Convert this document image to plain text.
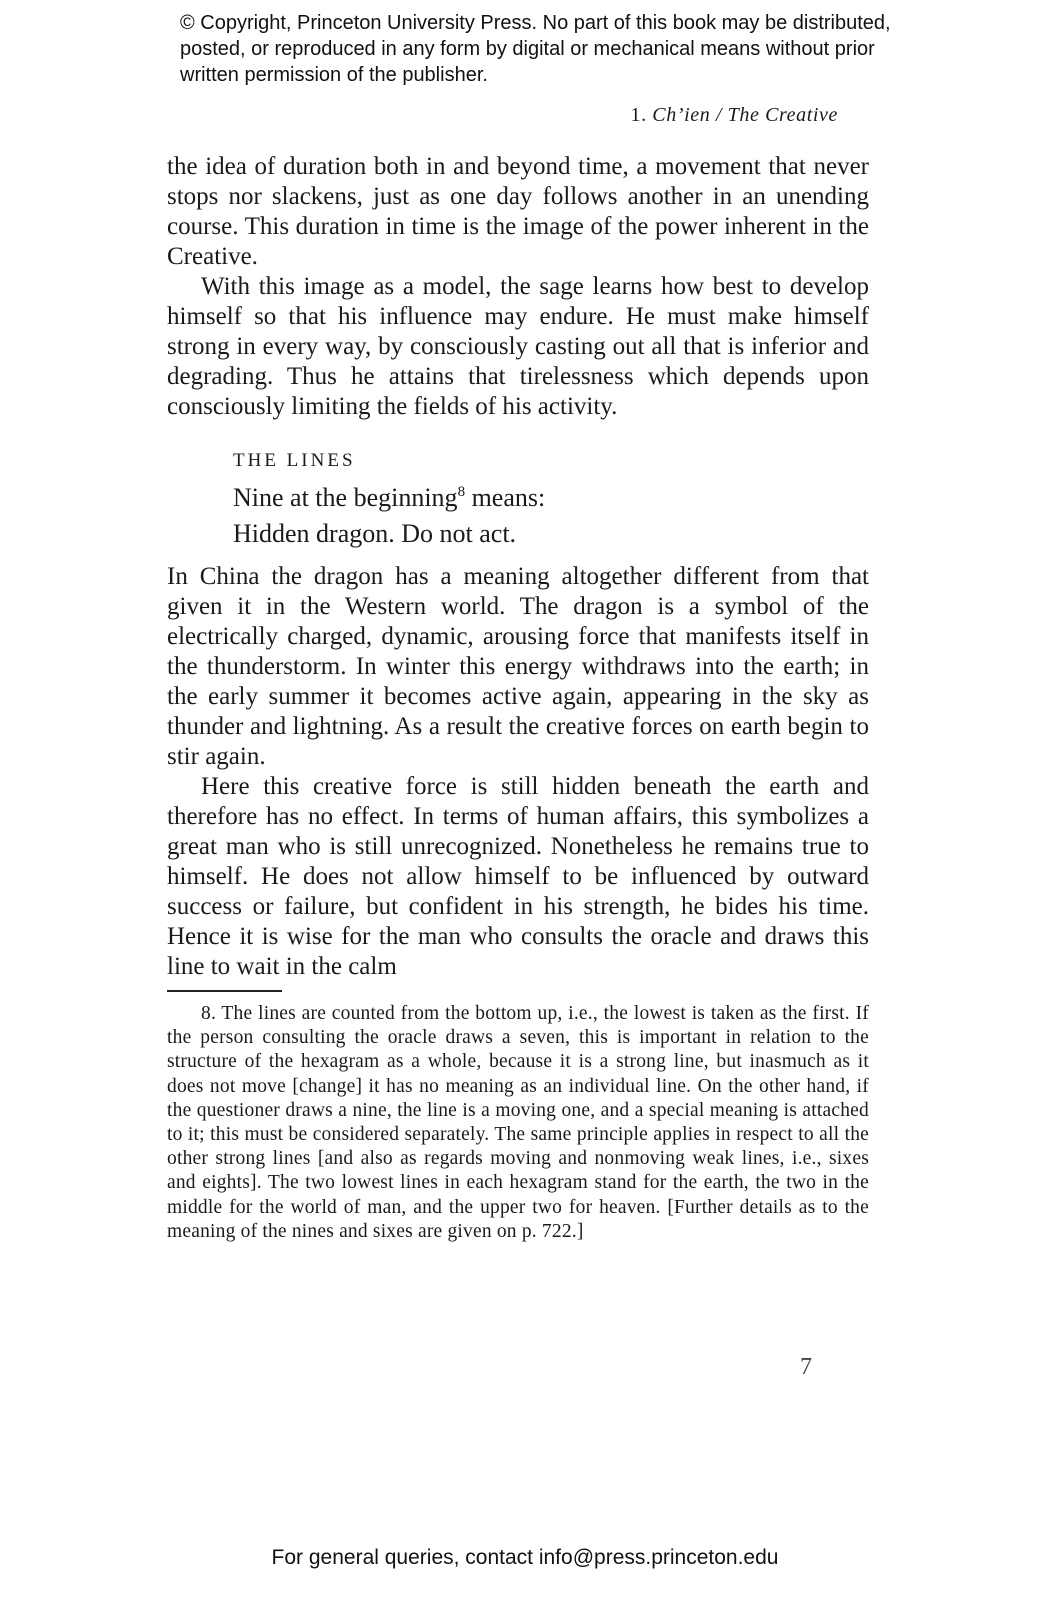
© Copyright, Princeton University Press. No part of this book may be distributed, posted, or reproduced in any form by digital or mechanical means without prior written permission of the publisher.
1. Ch’ien / The Creative

the idea of duration both in and beyond time, a movement that never stops nor slackens, just as one day follows another in an unending course. This duration in time is the image of the power inherent in the Creative.

With this image as a model, the sage learns how best to develop himself so that his influence may endure. He must make himself strong in every way, by consciously casting out all that is inferior and degrading. Thus he attains that tirelessness which depends upon consciously limiting the fields of his activity.

THE LINES
Nine at the beginning$^8$ means:
Hidden dragon. Do not act.

In China the dragon has a meaning altogether different from that given it in the Western world. The dragon is a symbol of the electrically charged, dynamic, arousing force that manifests itself in the thunderstorm. In winter this energy withdraws into the earth; in the early summer it becomes active again, appearing in the sky as thunder and lightning. As a result the creative forces on earth begin to stir again.

Here this creative force is still hidden beneath the earth and therefore has no effect. In terms of human affairs, this symbolizes a great man who is still unrecognized. Nonetheless he remains true to himself. He does not allow himself to be influenced by outward success or failure, but confident in his strength, he bides his time. Hence it is wise for the man who consults the oracle and draws this line to wait in the calm

8. The lines are counted from the bottom up, i.e., the lowest is taken as the first. If the person consulting the oracle draws a seven, this is important in relation to the structure of the hexagram as a whole, because it is a strong line, but inasmuch as it does not move [change] it has no meaning as an individual line. On the other hand, if the questioner draws a nine, the line is a moving one, and a special meaning is attached to it; this must be considered separately. The same principle applies in respect to all the other strong lines [and also as regards moving and nonmoving weak lines, i.e., sixes and eights]. The two lowest lines in each hexagram stand for the earth, the two in the middle for the world of man, and the upper two for heaven. [Further details as to the meaning of the nines and sixes are given on p. 722.]

7
For general queries, contact info@press.princeton.edu
